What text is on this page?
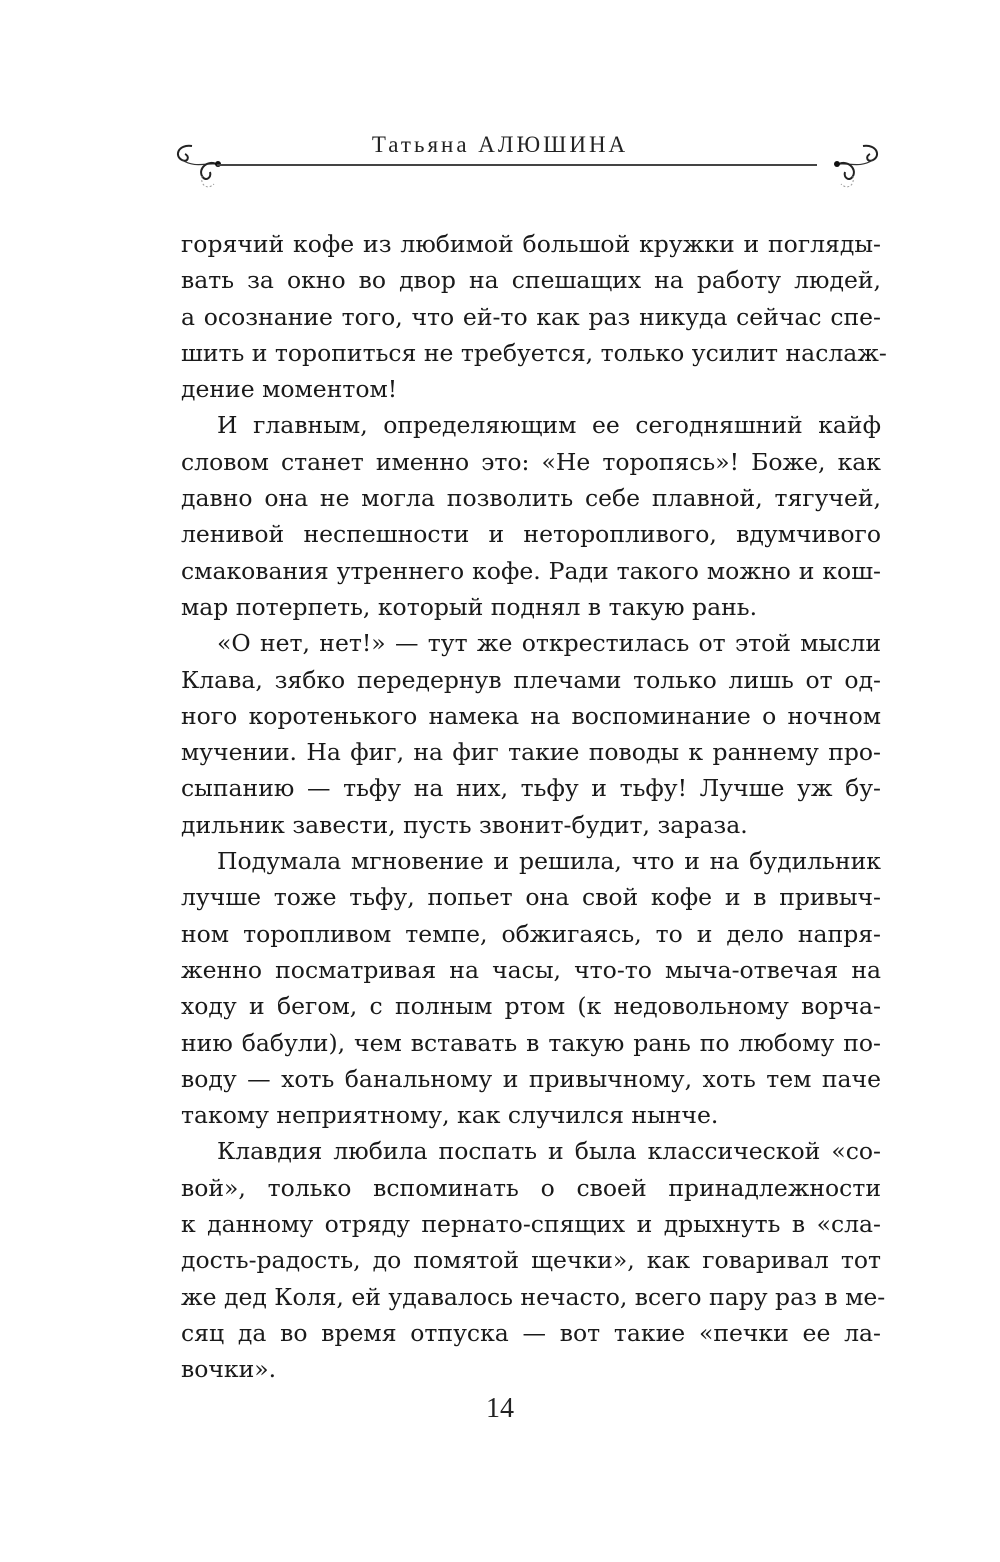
Татьяна АЛЮШИНА
горячий кофе из любимой большой кружки и погляды-
вать за окно во двор на спешащих на работу людей,
а осознание того, что ей-то как раз никуда сейчас спе-
шить и торопиться не требуется, только усилит наслаж-
дение моментом!
И главным, определяющим ее сегодняшний кайф
словом станет именно это: «Не торопясь»! Боже, как
давно она не могла позволить себе плавной, тягучей,
ленивой неспешности и неторопливого, вдумчивого
смакования утреннего кофе. Ради такого можно и кош-
мар потерпеть, который поднял в такую рань.
«О нет, нет!» — тут же открестилась от этой мысли
Клава, зябко передернув плечами только лишь от од-
ного коротенького намека на воспоминание о ночном
мучении. На фиг, на фиг такие поводы к раннему про-
сыпанию — тьфу на них, тьфу и тьфу! Лучше уж бу-
дильник завести, пусть звонит-будит, зараза.
Подумала мгновение и решила, что и на будильник
лучше тоже тьфу, попьет она свой кофе и в привыч-
ном торопливом темпе, обжигаясь, то и дело напря-
женно посматривая на часы, что-то мыча-отвечая на
ходу и бегом, с полным ртом (к недовольному ворча-
нию бабули), чем вставать в такую рань по любому по-
воду — хоть банальному и привычному, хоть тем паче
такому неприятному, как случился нынче.
Клавдия любила поспать и была классической «со-
вой», только вспоминать о своей принадлежности
к данному отряду пернато-спящих и дрыхнуть в «сла-
дость-радость, до помятой щечки», как говаривал тот
же дед Коля, ей удавалось нечасто, всего пару раз в ме-
сяц да во время отпуска — вот такие «печки ее ла-
вочки».
14
